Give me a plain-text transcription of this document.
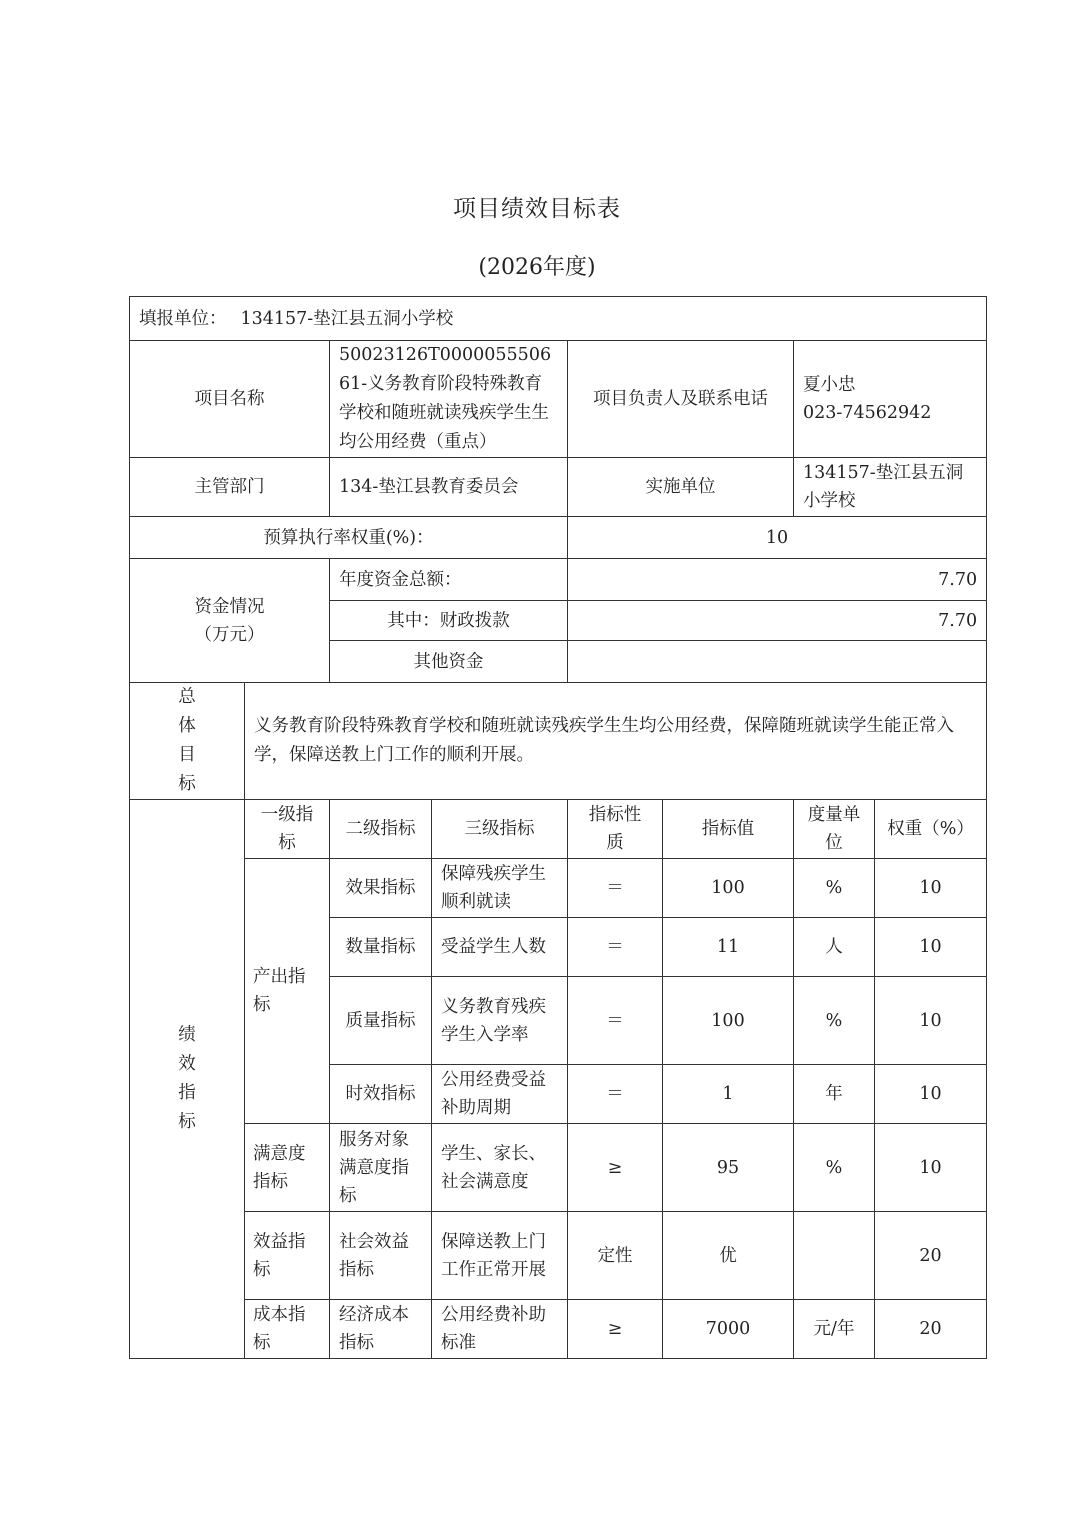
项目绩效目标表
(2026年度)
填报单位： 134157-垫江县五洞小学校							
项目名称		50023126T000005550661-义务教育阶段特殊教育学校和随班就读残疾学生生均公用经费（重点）		项目负责人及联系电话		夏小忠
023-74562942	

主管部门		134-垫江县教育委员会		实施单位		134157-垫江县五洞小学校	
预算执行率权重(%)：				10			

资金情况
（万元）		年度资金总额：		7.70			
		其中：财政拨款		7.70			
		其他资金					

总
体
目
标	义务教育阶段特殊教育学校和随班就读残疾学生生均公用经费，保障随班就读学生能正常入学，保障送教上门工作的顺利开展。						

绩
效
指
标	一级指标	二级指标	三级指标	指标性质	指标值	度量单位	权重（%）
	产出指标	效果指标	保障残疾学生顺利就读	＝	100	%	10
		数量指标	受益学生人数	＝	11	人	10
		质量指标	义务教育残疾学生入学率	＝	100	%	10
		时效指标	公用经费受益补助周期	＝	1	年	10
	满意度指标	服务对象满意度指标	学生、家长、社会满意度	≥	95	%	10
	效益指标	社会效益指标	保障送教上门工作正常开展	定性	优		20
	成本指标	经济成本指标	公用经费补助标准	≥	7000	元/年	20
